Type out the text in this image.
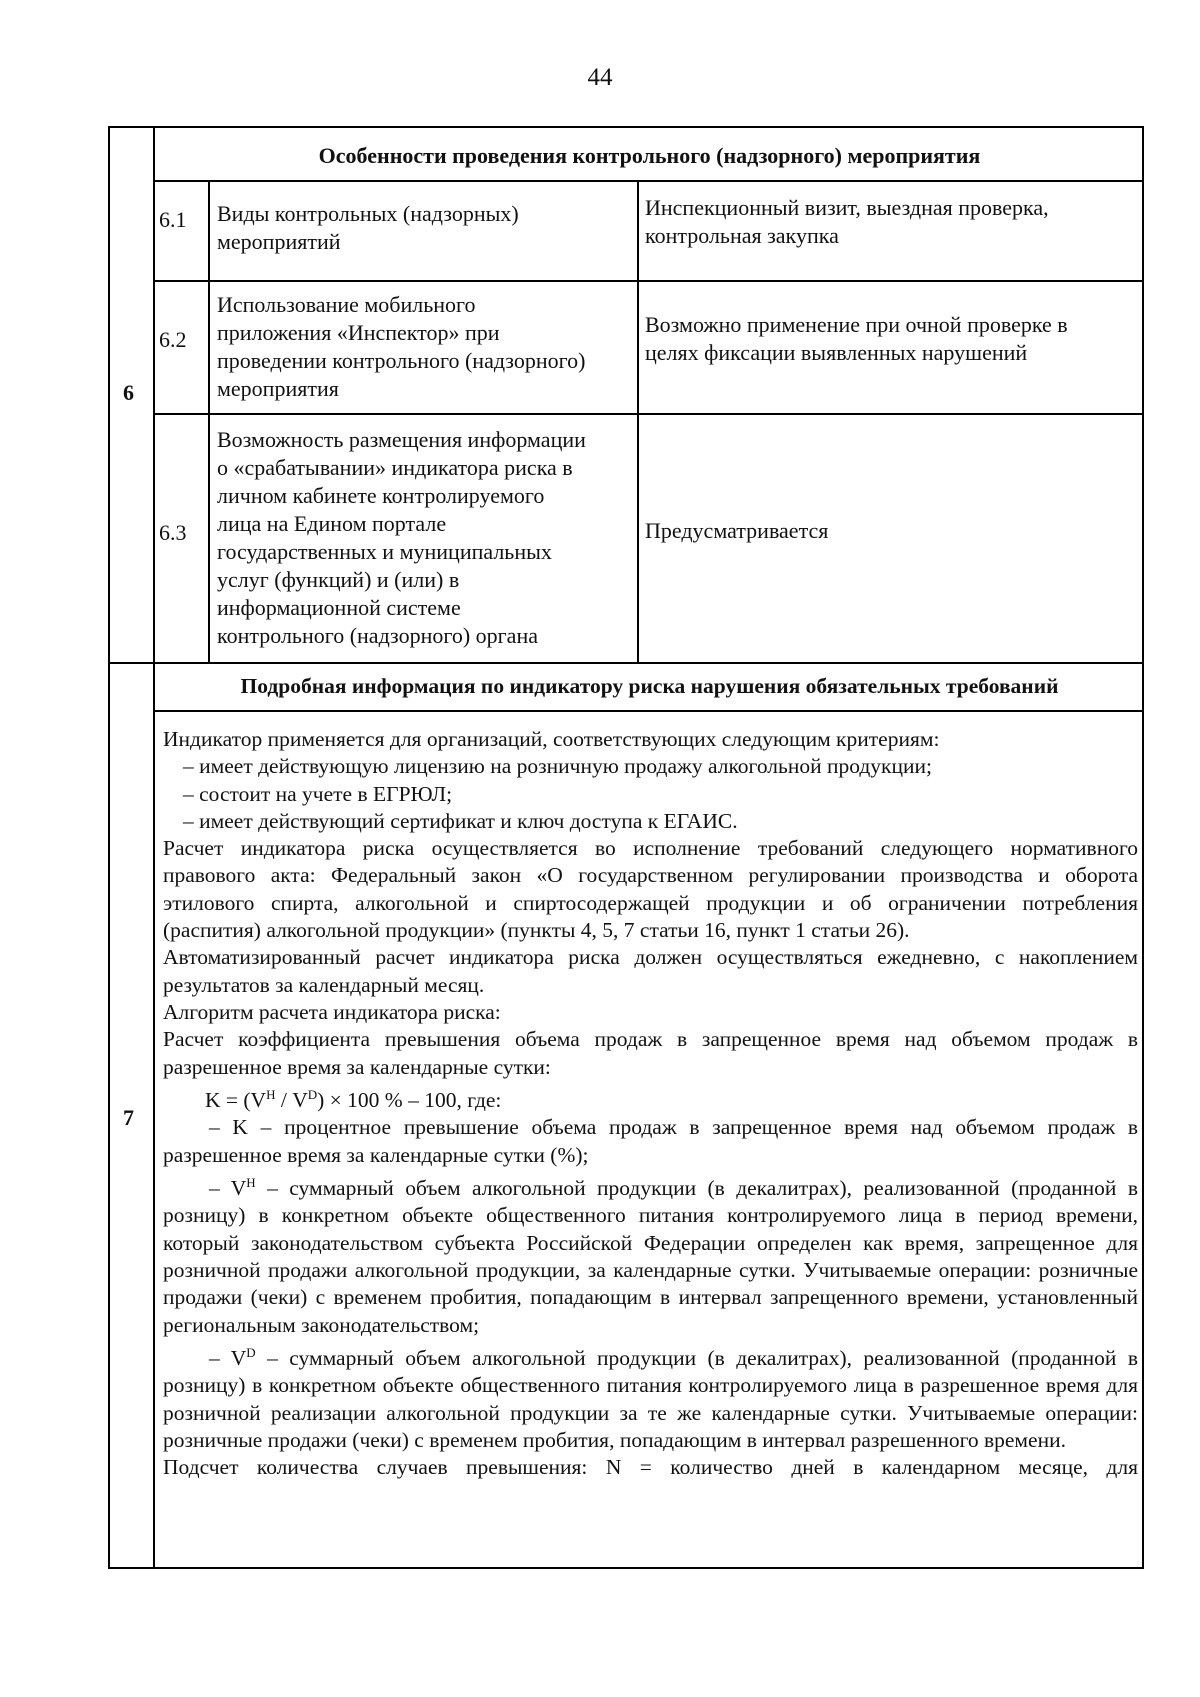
44
6
Особенности проведения контрольного (надзорного) мероприятия
6.1 Виды контрольных (надзорных)
мероприятий
Инспекционный визит, выездная проверка,
контрольная закупка
6.2
Использование мобильного
приложения «Инспектор» при
проведении контрольного (надзорного)
мероприятия
Возможно применение при очной проверке в
целях фиксации выявленных нарушений
6.3
Возможность размещения информации
о «срабатывании» индикатора риска в
личном кабинете контролируемого
лица на Едином портале
государственных и муниципальных
услуг (функций) и (или) в
информационной системе
контрольного (надзорного) органа
Предусматривается
7
Подробная информация по индикатору риска нарушения обязательных требований

Индикатор применяется для организаций, соответствующих следующим критериям:

– имеет действующую лицензию на розничную продажу алкогольной продукции;

– состоит на учете в ЕГРЮЛ;

– имеет действующий сертификат и ключ доступа к ЕГАИС.

Расчет индикатора риска осуществляется во исполнение требований следующего нормативного правового акта: Федеральный закон «О государственном регулировании производства и оборота этилового спирта, алкогольной и спиртосодержащей продукции и об ограничении потребления (распития) алкогольной продукции» (пункты 4, 5, 7 статьи 16, пункт 1 статьи 26).

Автоматизированный расчет индикатора риска должен осуществляться ежедневно, с накоплением результатов за календарный месяц.

Алгоритм расчета индикатора риска:

Расчет коэффициента превышения объема продаж в запрещенное время над объемом продаж в разрешенное время за календарные сутки:

$K = (V^Н / V^D) \times 100$ % – 100, где:

– K – процентное превышение объема продаж в запрещенное время над объемом продаж в разрешенное время за календарные сутки (%);

– $V^Н$ – суммарный объем алкогольной продукции (в декалитрах), реализованной (проданной в розницу) в конкретном объекте общественного питания контролируемого лица в период времени, который законодательством субъекта Российской Федерации определен как время, запрещенное для розничной продажи алкогольной продукции, за календарные сутки. Учитываемые операции: розничные продажи (чеки) с временем пробития, попадающим в интервал запрещенного времени, установленный региональным законодательством;

– $V^D$ – суммарный объем алкогольной продукции (в декалитрах), реализованной (проданной в розницу) в конкретном объекте общественного питания контролируемого лица в разрешенное время для розничной реализации алкогольной продукции за те же календарные сутки. Учитываемые операции: розничные продажи (чеки) с временем пробития, попадающим в интервал разрешенного времени.

Подсчет количества случаев превышения: N = количество дней в календарном месяце, для
